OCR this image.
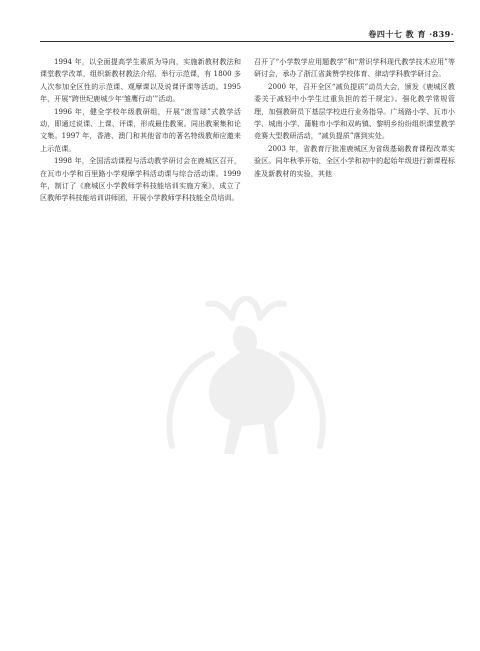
卷四十七 教 育 ·839·

1994 年，以全面提高学生素质为导向，实施新教材教法和课堂教学改革，组织新教材教法介绍、举行示范课，有 1800 多人次参加全区性的示范课、观摩课以及说课评课等活动。1995 年，开展“跨世纪鹿城少年‘雏鹰行动’”活动。

1996 年，健全学校年级教研组，开展“滚雪球”式教学活动，即通过说课、上课、评课，形成最佳教案。同出教案集和论文集。1997 年，香港、澳门和其他省市的著名特级教师应邀来上示范课。

1998 年，全国活动课程与活动教学研讨会在鹿城区召开，在瓦市小学和百里路小学观摩学科活动课与综合活动课。1999 年，制订了《鹿城区小学教师学科技能培训实施方案》，成立了区教师学科技能培训讲师团，开展小学教师学科技能全员培训。

召开了“小学数学应用题教学”和“常识学科现代教学技术应用”等研讨会，承办了浙江省龚赞学校体育、律动学科教学研讨会。

2000 年，召开全区“减负提质”动员大会，颁发《鹿城区教委关于减轻中小学生过重负担的若干规定》。强化教学常规管理，加强教研员下基层学校进行业务指导。广场路小学、瓦市小学、城南小学、蒲鞋市小学和双屿镇、黎明乡纷纷组织课堂教学竞赛大型教研活动，“减负提质”落到实处。

2003 年，省教育厅批准鹿城区为省级基础教育课程改革实验区。同年秋季开始，全区小学和初中的起始年级进行新课程标准及新教材的实验，其他
